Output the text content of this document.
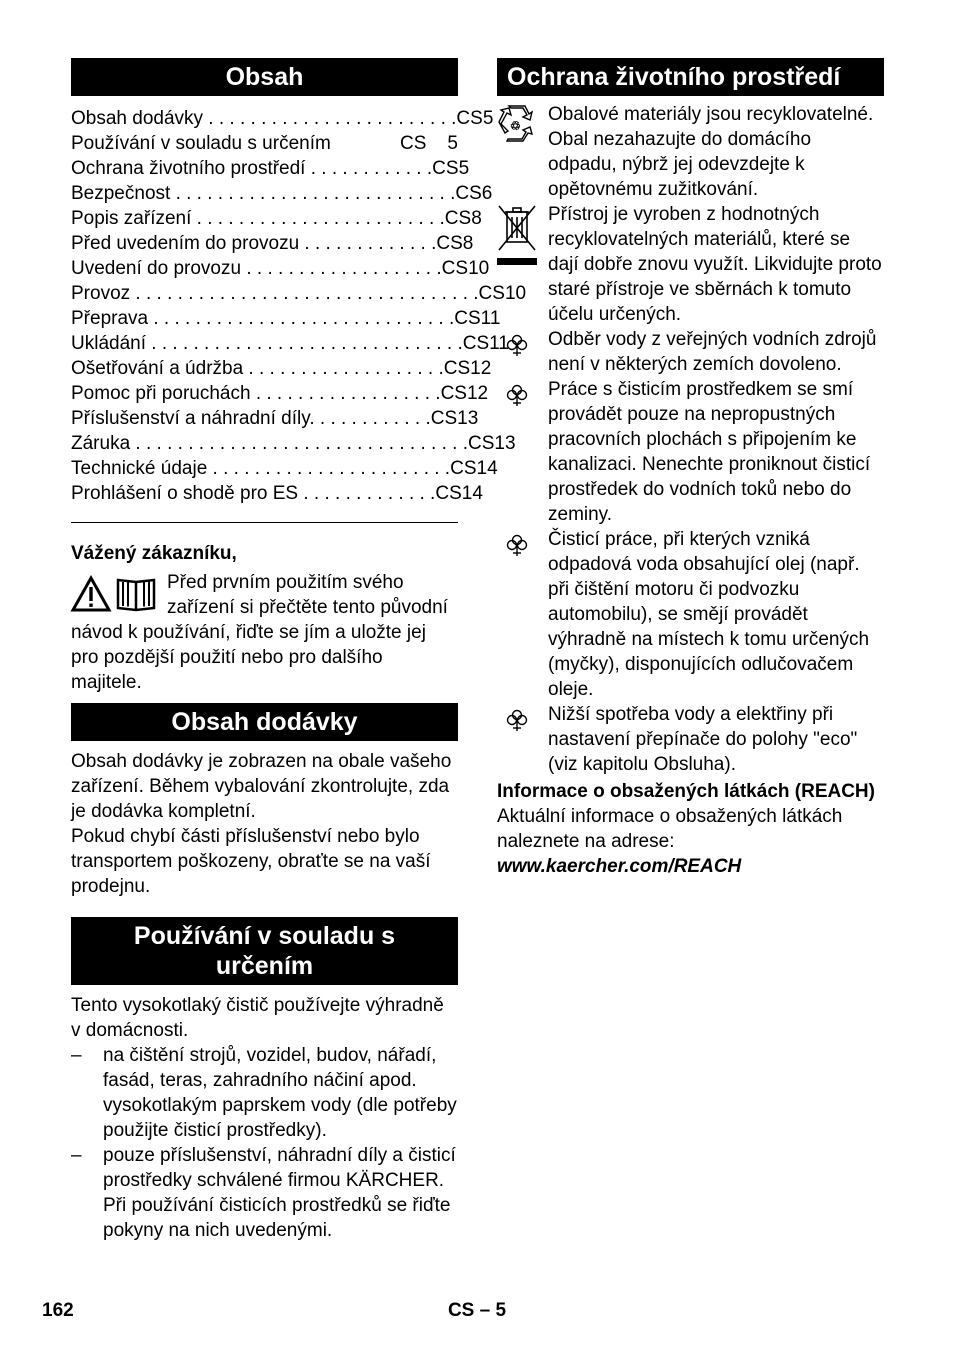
Obsah
Obsah dodávky . . . . . . . . . . . . . . . . . . . . . . . . CS 5
Používání v souladu s určením	CS	5
Ochrana životního prostředí . . . . . . . . . . . . CS 5
Bezpečnost . . . . . . . . . . . . . . . . . . . . . . . . . . . CS 6
Popis zařízení . . . . . . . . . . . . . . . . . . . . . . . . CS 8
Před uvedením do provozu . . . . . . . . . . . . . CS 8
Uvedení do provozu . . . . . . . . . . . . . . . . . . . CS 10
Provoz . . . . . . . . . . . . . . . . . . . . . . . . . . . . . . . . . CS 10
Přeprava . . . . . . . . . . . . . . . . . . . . . . . . . . . . . CS 11
Ukládání . . . . . . . . . . . . . . . . . . . . . . . . . . . . . . CS 11
Ošetřování a údržba . . . . . . . . . . . . . . . . . . . CS 12
Pomoc při poruchách . . . . . . . . . . . . . . . . . . CS 12
Příslušenství a náhradní díly. . . . . . . . . . . . CS 13
Záruka . . . . . . . . . . . . . . . . . . . . . . . . . . . . . . . . CS 13
Technické údaje . . . . . . . . . . . . . . . . . . . . . . . CS 14
Prohlášení o shodě pro ES . . . . . . . . . . . . . CS 14

Vážený zákazníku,

Před prvním použitím svého zařízení si přečtěte tento původní návod k používání, řiďte se jím a uložte jej pro pozdější použití nebo pro dalšího majitele.

Obsah dodávky

Obsah dodávky je zobrazen na obale vašeho zařízení. Během vybalování zkontrolujte, zda je dodávka kompletní.

Pokud chybí části příslušenství nebo bylo transportem poškozeny, obraťte se na vaší prodejnu.

Používání v souladu s určením

Tento vysokotlaký čistič používejte výhradně v domácnosti.

– na čištění strojů, vozidel, budov, nářadí, fasád, teras, zahradního náčiní apod. vysokotlakým paprskem vody (dle potřeby použijte čisticí prostředky).
– pouze příslušenství, náhradní díly a čisticí prostředky schválené firmou KÄRCHER. Při používání čisticích prostředků se řiďte pokyny na nich uvedenými.
Ochrana životního prostředí
♲

Obalové materiály jsou recyklovatelné. Obal nezahazujte do domácího odpadu, nýbrž jej odevzdejte k opětovnému zužitkování.

Přístroj je vyroben z hodnotných recyklovatelných materiálů, které se dají dobře znovu využít. Likvidujte proto staré přístroje ve sběrnách k tomuto účelu určených.

Odběr vody z veřejných vodních zdrojů není v některých zemích dovoleno.

Práce s čisticím prostředkem se smí provádět pouze na nepropustných pracovních plochách s připojením ke kanalizaci. Nenechte proniknout čisticí prostředek do vodních toků nebo do zeminy.

Čisticí práce, při kterých vzniká odpadová voda obsahující olej (např. při čištění motoru či podvozku automobilu), se smějí provádět výhradně na místech k tomu určených (myčky), disponujících odlučovačem oleje.

Nižší spotřeba vody a elektřiny při nastavení přepínače do polohy "eco" (viz kapitolu Obsluha).

Informace o obsažených látkách (REACH)

Aktuální informace o obsažených látkách naleznete na adrese:

www.kaercher.com/REACH

162	CS – 5
